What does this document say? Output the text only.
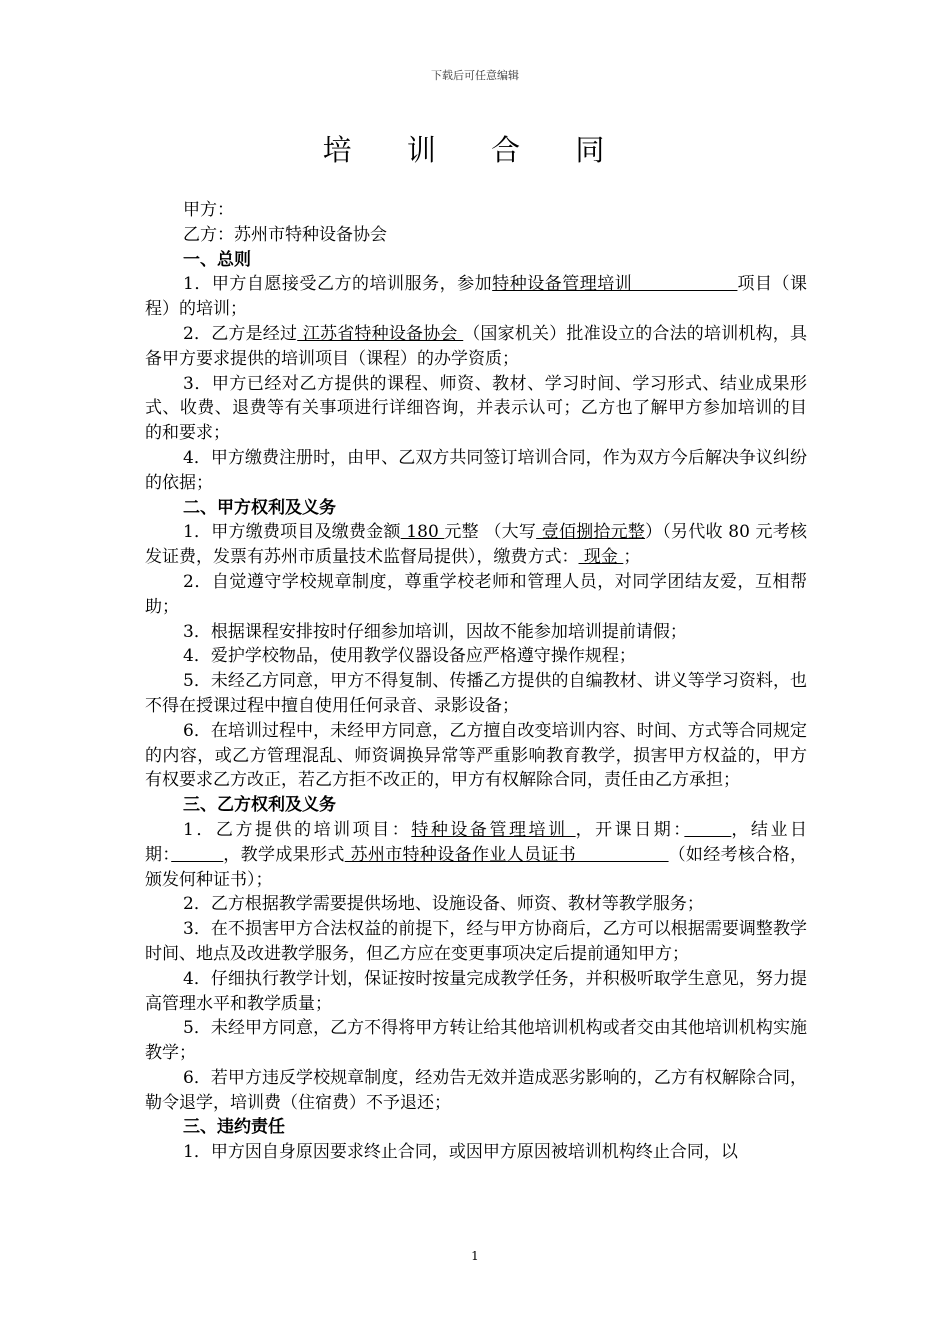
下载后可任意编辑
培 训 合 同

甲方：

乙方：苏州市特种设备协会

一、总则

1．甲方自愿接受乙方的培训服务，参加特种设备管理培训　　　　　　项目（课程）的培训；

2．乙方是经过 江苏省特种设备协会 （国家机关）批准设立的合法的培训机构，具备甲方要求提供的培训项目（课程）的办学资质；

3．甲方已经对乙方提供的课程、师资、教材、学习时间、学习形式、结业成果形式、收费、退费等有关事项进行详细咨询，并表示认可；乙方也了解甲方参加培训的目的和要求；

4．甲方缴费注册时，由甲、乙双方共同签订培训合同，作为双方今后解决争议纠纷的依据；

二、甲方权利及义务

1．甲方缴费项目及缴费金额 180 元整 （大写 壹佰捌拾元整）（另代收 80 元考核发证费，发票有苏州市质量技术监督局提供），缴费方式： 现金 ；

2．自觉遵守学校规章制度，尊重学校老师和管理人员，对同学团结友爱，互相帮助；

3．根据课程安排按时仔细参加培训，因故不能参加培训提前请假；

4．爱护学校物品，使用教学仪器设备应严格遵守操作规程；

5．未经乙方同意，甲方不得复制、传播乙方提供的自编教材、讲义等学习资料，也不得在授课过程中擅自使用任何录音、录影设备；

6．在培训过程中，未经甲方同意，乙方擅自改变培训内容、时间、方式等合同规定的内容，或乙方管理混乱、师资调换异常等严重影响教育教学，损害甲方权益的，甲方有权要求乙方改正，若乙方拒不改正的，甲方有权解除合同，责任由乙方承担；

三、乙方权利及义务

1．乙方提供的培训项目：特种设备管理培训 ，开课日期：　　	，结业日期：　　　	，教学成果形式 苏州市特种设备作业人员证书　　　　　 （如经考核合格，颁发何种证书）；

2．乙方根据教学需要提供场地、设施设备、师资、教材等教学服务；

3．在不损害甲方合法权益的前提下，经与甲方协商后，乙方可以根据需要调整教学时间、地点及改进教学服务，但乙方应在变更事项决定后提前通知甲方；

4．仔细执行教学计划，保证按时按量完成教学任务，并积极听取学生意见，努力提高管理水平和教学质量；

5．未经甲方同意，乙方不得将甲方转让给其他培训机构或者交由其他培训机构实施教学；

6．若甲方违反学校规章制度，经劝告无效并造成恶劣影响的，乙方有权解除合同，勒令退学，培训费（住宿费）不予退还；

三、违约责任

1．甲方因自身原因要求终止合同，或因甲方原因被培训机构终止合同，以

1
